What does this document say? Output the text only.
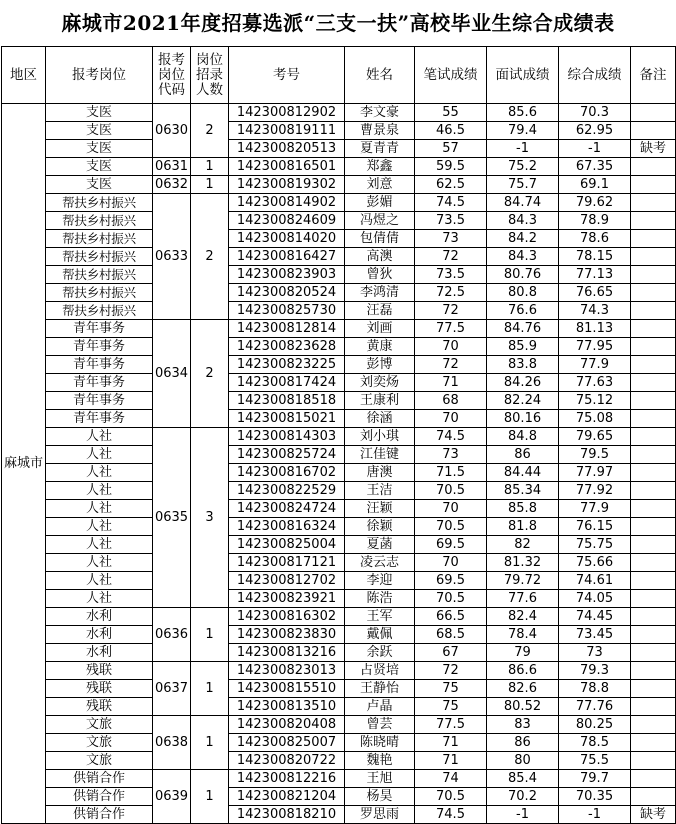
麻城市2021年度招募选派“三支一扶”高校毕业生综合成绩表
地区	报考岗位	报考岗位代码	岗位招录人数	考号	姓名	笔试成绩	面试成绩	综合成绩	备注
麻城市	支医	0630	2	142300812902	李文豪	55	85.6	70.3	
	支医			142300819111	曹景泉	46.5	79.4	62.95	
	支医			142300820513	夏青青	57	-1	-1	缺考
	支医	0631	1	142300816501	郑鑫	59.5	75.2	67.35	
	支医	0632	1	142300819302	刘意	62.5	75.7	69.1	
	帮扶乡村振兴	0633	2	142300814902	彭媚	74.5	84.74	79.62	
	帮扶乡村振兴			142300824609	冯煜之	73.5	84.3	78.9	
	帮扶乡村振兴			142300814020	包倩倩	73	84.2	78.6	
	帮扶乡村振兴			142300816427	高澳	72	84.3	78.15	
	帮扶乡村振兴			142300823903	曾狄	73.5	80.76	77.13	
	帮扶乡村振兴			142300820524	李鸿清	72.5	80.8	76.65	
	帮扶乡村振兴			142300825730	汪磊	72	76.6	74.3	
	青年事务	0634	2	142300812814	刘画	77.5	84.76	81.13	
	青年事务			142300823628	黄康	70	85.9	77.95	
	青年事务			142300823225	彭博	72	83.8	77.9	
	青年事务			142300817424	刘奕炀	71	84.26	77.63	
	青年事务			142300818518	王康利	68	82.24	75.12	
	青年事务			142300815021	徐涵	70	80.16	75.08	
	人社	0635	3	142300814303	刘小琪	74.5	84.8	79.65	
	人社			142300825724	江佳键	73	86	79.5	
	人社			142300816702	唐澳	71.5	84.44	77.97	
	人社			142300822529	王洁	70.5	85.34	77.92	
	人社			142300824724	汪颖	70	85.8	77.9	
	人社			142300816324	徐颖	70.5	81.8	76.15	
	人社			142300825004	夏菡	69.5	82	75.75	
	人社			142300817121	凌云志	70	81.32	75.66	
	人社			142300812702	李迎	69.5	79.72	74.61	
	人社			142300823921	陈浩	70.5	77.6	74.05	
	水利	0636	1	142300816302	王军	66.5	82.4	74.45	
	水利			142300823830	戴佩	68.5	78.4	73.45	
	水利			142300813216	余跃	67	79	73	
	残联	0637	1	142300823013	占贤培	72	86.6	79.3	
	残联			142300815510	王静怡	75	82.6	78.8	
	残联			142300813510	卢晶	75	80.52	77.76	
	文旅	0638	1	142300820408	曾芸	77.5	83	80.25	
	文旅			142300825007	陈晓晴	71	86	78.5	
	文旅			142300820722	魏艳	71	80	75.5	
	供销合作	0639	1	142300812216	王旭	74	85.4	79.7	
	供销合作			142300821204	杨昊	70.5	70.2	70.35	
	供销合作			142300818210	罗思雨	74.5	-1	-1	缺考
